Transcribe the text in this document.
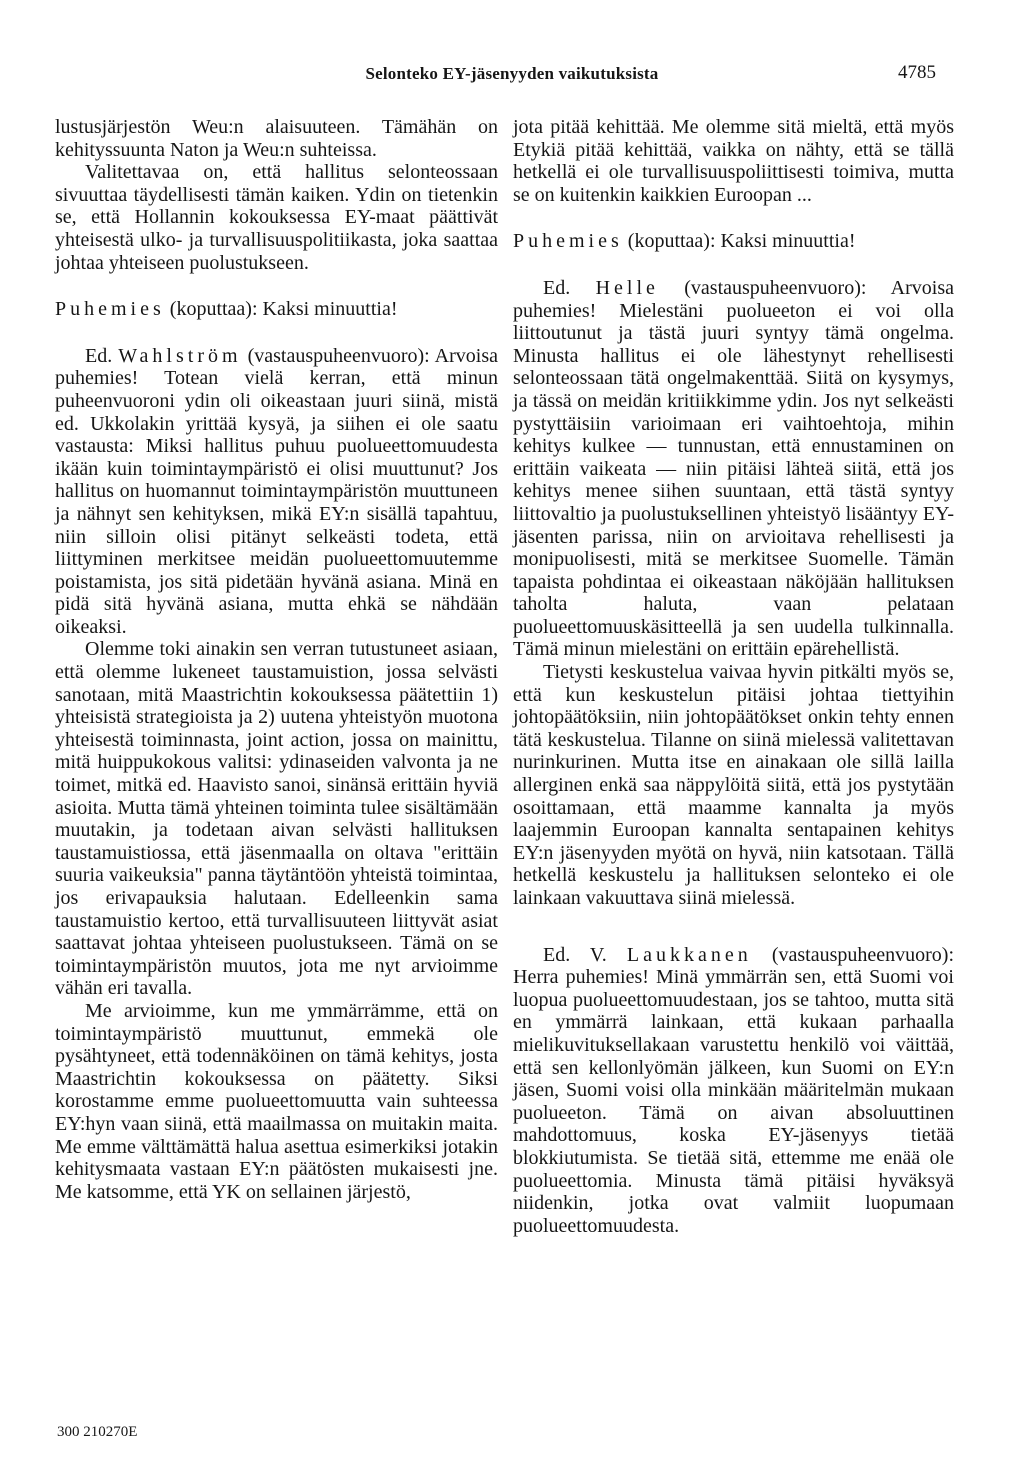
Selonteko EY-jäsenyyden vaikutuksista	4785

lustusjärjestön Weu:n alaisuuteen. Tämähän on kehityssuunta Naton ja Weu:n suhteissa.

Valitettavaa on, että hallitus selonteossaan sivuuttaa täydellisesti tämän kaiken. Ydin on tietenkin se, että Hollannin kokouksessa EY-maat päättivät yhteisestä ulko- ja turvallisuuspolitiikasta, joka saattaa johtaa yhteiseen puolustukseen.

Puhemies (koputtaa): Kaksi minuuttia!

Ed. Wahlström (vastauspuheenvuoro): Arvoisa puhemies! Totean vielä kerran, että minun puheenvuoroni ydin oli oikeastaan juuri siinä, mistä ed. Ukkolakin yrittää kysyä, ja siihen ei ole saatu vastausta: Miksi hallitus puhuu puolueettomuudesta ikään kuin toimintaympäristö ei olisi muuttunut? Jos hallitus on huomannut toimintaympäristön muuttuneen ja nähnyt sen kehityksen, mikä EY:n sisällä tapahtuu, niin silloin olisi pitänyt selkeästi todeta, että liittyminen merkitsee meidän puolueettomuutemme poistamista, jos sitä pidetään hyvänä asiana. Minä en pidä sitä hyvänä asiana, mutta ehkä se nähdään oikeaksi.

Olemme toki ainakin sen verran tutustuneet asiaan, että olemme lukeneet taustamuistion, jossa selvästi sanotaan, mitä Maastrichtin kokouksessa päätettiin 1) yhteisistä strategioista ja 2) uutena yhteistyön muotona yhteisestä toiminnasta, joint action, jossa on mainittu, mitä huippukokous valitsi: ydinaseiden valvonta ja ne toimet, mitkä ed. Haavisto sanoi, sinänsä erittäin hyviä asioita. Mutta tämä yhteinen toiminta tulee sisältämään muutakin, ja todetaan aivan selvästi hallituksen taustamuistiossa, että jäsenmaalla on oltava "erittäin suuria vaikeuksia" panna täytäntöön yhteistä toimintaa, jos erivapauksia halutaan. Edelleenkin sama taustamuistio kertoo, että turvallisuuteen liittyvät asiat saattavat johtaa yhteiseen puolustukseen. Tämä on se toimintaympäristön muutos, jota me nyt arvioimme vähän eri tavalla.

Me arvioimme, kun me ymmärrämme, että on toimintaympäristö muuttunut, emmekä ole pysähtyneet, että todennäköinen on tämä kehitys, josta Maastrichtin kokouksessa on päätetty. Siksi korostamme emme puolueettomuutta vain suhteessa EY:hyn vaan siinä, että maailmassa on muitakin maita. Me emme välttämättä halua asettua esimerkiksi jotakin kehitysmaata vastaan EY:n päätösten mukaisesti jne. Me katsomme, että YK on sellainen järjestö,

jota pitää kehittää. Me olemme sitä mieltä, että myös Etykiä pitää kehittää, vaikka on nähty, että se tällä hetkellä ei ole turvallisuuspoliittisesti toimiva, mutta se on kuitenkin kaikkien Euroopan ...

Puhemies (koputtaa): Kaksi minuuttia!

Ed. Helle (vastauspuheenvuoro): Arvoisa puhemies! Mielestäni puolueeton ei voi olla liittoutunut ja tästä juuri syntyy tämä ongelma. Minusta hallitus ei ole lähestynyt rehellisesti selonteossaan tätä ongelmakenttää. Siitä on kysymys, ja tässä on meidän kritiikkimme ydin. Jos nyt selkeästi pystyttäisiin varioimaan eri vaihtoehtoja, mihin kehitys kulkee — tunnustan, että ennustaminen on erittäin vaikeata — niin pitäisi lähteä siitä, että jos kehitys menee siihen suuntaan, että tästä syntyy liittovaltio ja puolustuksellinen yhteistyö lisääntyy EY-jäsenten parissa, niin on arvioitava rehellisesti ja monipuolisesti, mitä se merkitsee Suomelle. Tämän tapaista pohdintaa ei oikeastaan näköjään hallituksen taholta haluta, vaan pelataan puolueettomuuskäsitteellä ja sen uudella tulkinnalla. Tämä minun mielestäni on erittäin epärehellistä.

Tietysti keskustelua vaivaa hyvin pitkälti myös se, että kun keskustelun pitäisi johtaa tiettyihin johtopäätöksiin, niin johtopäätökset onkin tehty ennen tätä keskustelua. Tilanne on siinä mielessä valitettavan nurinkurinen. Mutta itse en ainakaan ole sillä lailla allerginen enkä saa näppylöitä siitä, että jos pystytään osoittamaan, että maamme kannalta ja myös laajemmin Euroopan kannalta sentapainen kehitys EY:n jäsenyyden myötä on hyvä, niin katsotaan. Tällä hetkellä keskustelu ja hallituksen selonteko ei ole lainkaan vakuuttava siinä mielessä.

Ed. V. Laukkanen (vastauspuheenvuoro): Herra puhemies! Minä ymmärrän sen, että Suomi voi luopua puolueettomuudestaan, jos se tahtoo, mutta sitä en ymmärrä lainkaan, että kukaan parhaalla mielikuvituksellakaan varustettu henkilö voi väittää, että sen kellonlyömän jälkeen, kun Suomi on EY:n jäsen, Suomi voisi olla minkään määritelmän mukaan puolueeton. Tämä on aivan absoluuttinen mahdottomuus, koska EY-jäsenyys tietää blokkiutumista. Se tietää sitä, ettemme me enää ole puolueettomia. Minusta tämä pitäisi hyväksyä niidenkin, jotka ovat valmiit luopumaan puolueettomuudesta.

300 210270E
